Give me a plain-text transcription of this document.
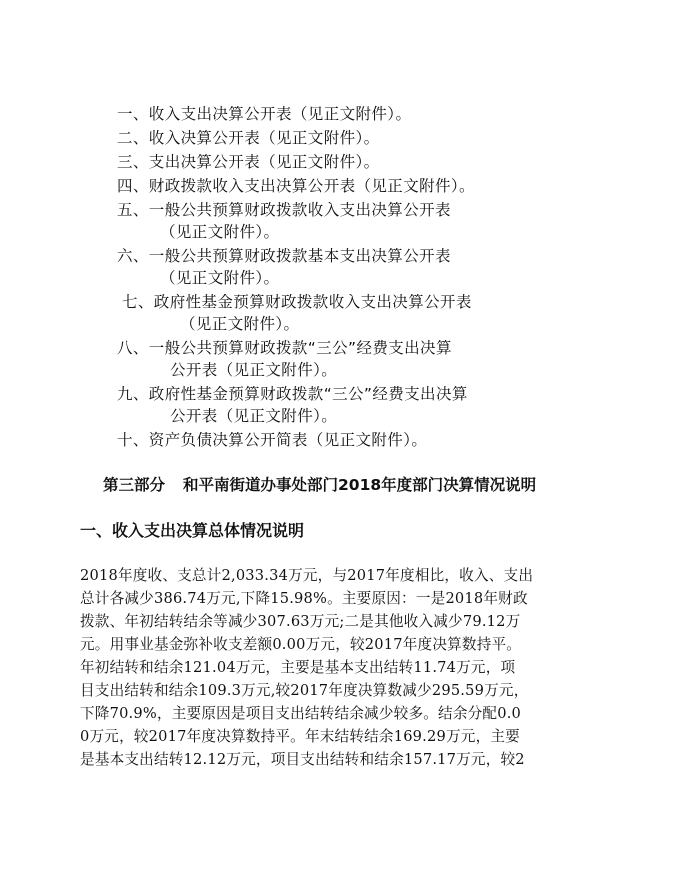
一、收入支出决算公开表（见正文附件）。
二、收入决算公开表（见正文附件）。
三、支出决算公开表（见正文附件）。
四、财政拨款收入支出决算公开表（见正文附件）。
五、一般公共预算财政拨款收入支出决算公开表
（见正文附件）。
六、一般公共预算财政拨款基本支出决算公开表
（见正文附件）。
七、政府性基金预算财政拨款收入支出决算公开表
（见正文附件）。
八、一般公共预算财政拨款“三公”经费支出决算
公开表（见正文附件）。
九、政府性基金预算财政拨款“三公”经费支出决算
公开表（见正文附件）。
十、资产负债决算公开简表（见正文附件）。
第三部分 和平南街道办事处部门2018年度部门决算情况说明
一、收入支出决算总体情况说明
2018年度收、支总计2,033.34万元，与2017年度相比，收入、支出
总计各减少386.74万元,下降15.98%。主要原因：一是2018年财政
拨款、年初结转结余等减少307.63万元;二是其他收入减少79.12万
元。用事业基金弥补收支差额0.00万元，较2017年度决算数持平。
年初结转和结余121.04万元，主要是基本支出结转11.74万元，项
目支出结转和结余109.3万元,较2017年度决算数减少295.59万元，
下降70.9%，主要原因是项目支出结转结余减少较多。结余分配0.0
0万元，较2017年度决算数持平。年末结转结余169.29万元，主要
是基本支出结转12.12万元，项目支出结转和结余157.17万元，较2
